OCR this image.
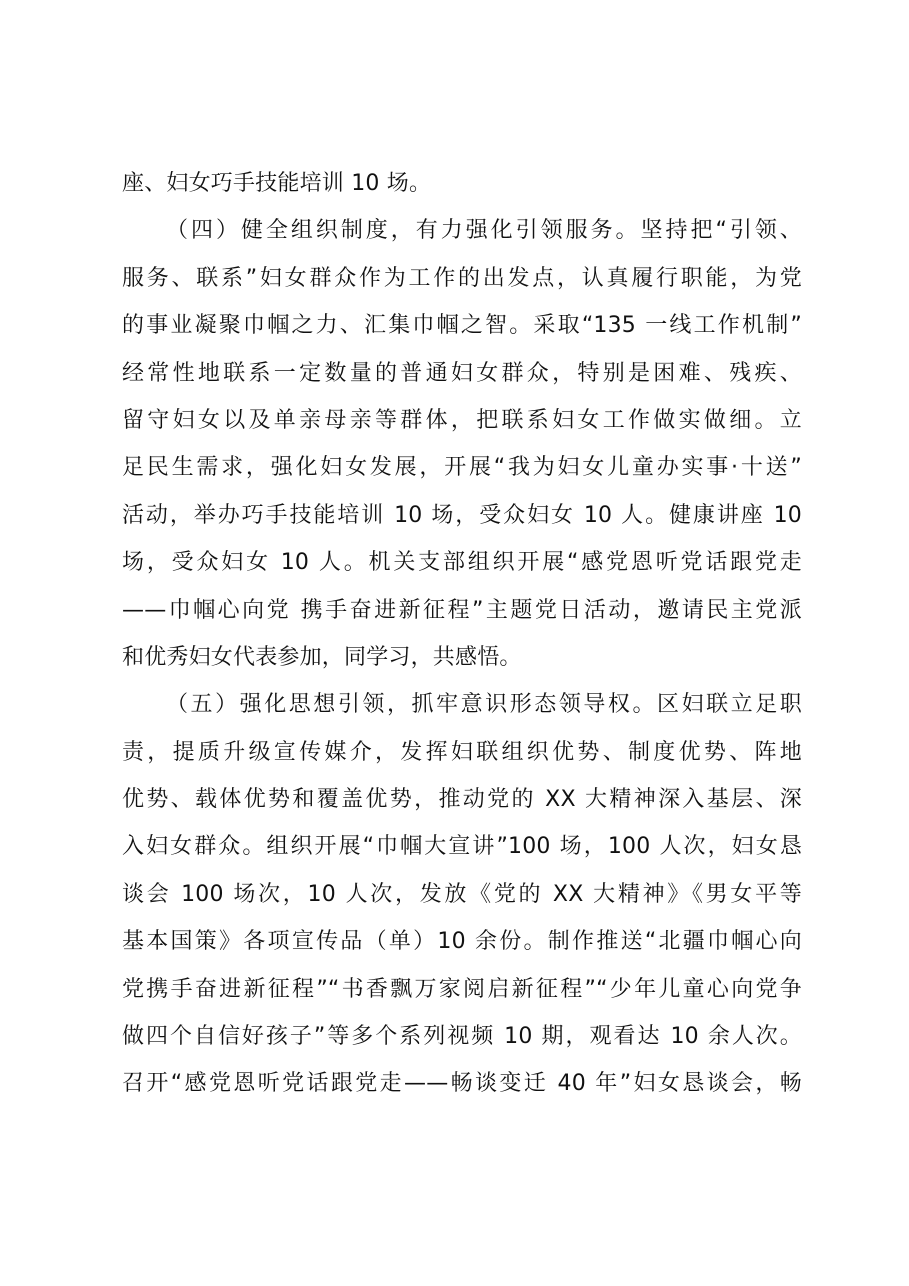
座、妇女巧手技能培训 10 场。
（四）健全组织制度，有力强化引领服务。坚持把“引领、
服务、联系”妇女群众作为工作的出发点，认真履行职能，为党
的事业凝聚巾帼之力、汇集巾帼之智。采取“135 一线工作机制”
经常性地联系一定数量的普通妇女群众，特别是困难、残疾、
留守妇女以及单亲母亲等群体，把联系妇女工作做实做细。立
足民生需求，强化妇女发展，开展“我为妇女儿童办实事·十送”
活动，举办巧手技能培训 10 场，受众妇女 10 人。健康讲座 10
场，受众妇女 10 人。机关支部组织开展“感党恩听党话跟党走
——巾帼心向党 携手奋进新征程”主题党日活动，邀请民主党派
和优秀妇女代表参加，同学习，共感悟。
（五）强化思想引领，抓牢意识形态领导权。区妇联立足职
责，提质升级宣传媒介，发挥妇联组织优势、制度优势、阵地
优势、载体优势和覆盖优势，推动党的 XX 大精神深入基层、深
入妇女群众。组织开展“巾帼大宣讲”100 场，100 人次，妇女恳
谈会 100 场次，10 人次，发放《党的 XX 大精神》《男女平等
基本国策》各项宣传品（单）10 余份。制作推送“北疆巾帼心向
党携手奋进新征程”“书香飘万家阅启新征程”“少年儿童心向党争
做四个自信好孩子”等多个系列视频 10 期，观看达 10 余人次。
召开“感党恩听党话跟党走——畅谈变迁 40 年”妇女恳谈会，畅
